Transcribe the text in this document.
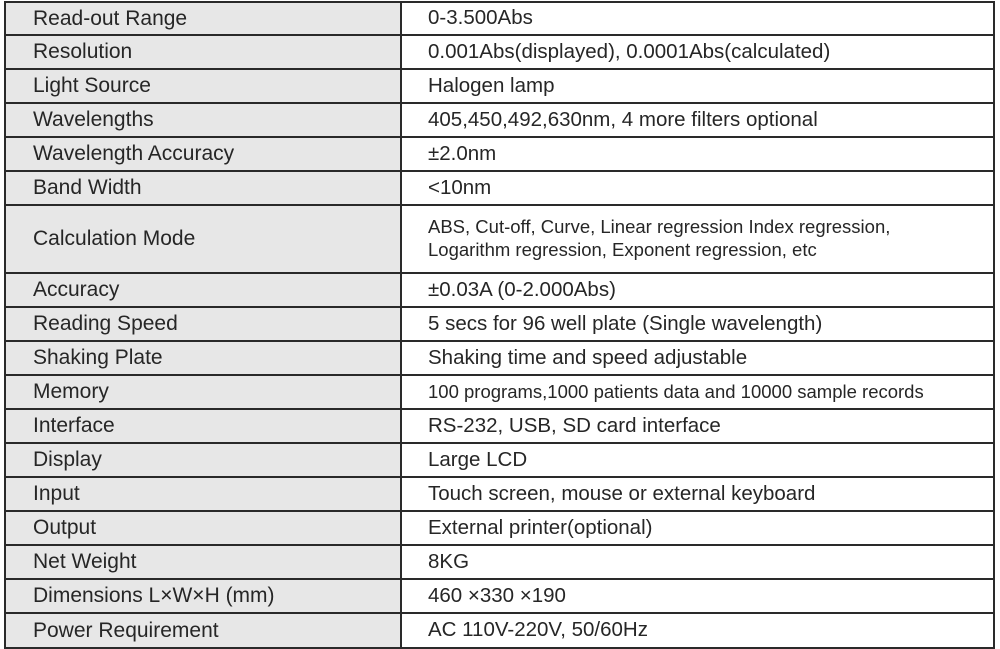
Read-out Range	0-3.500Abs
Resolution	0.001Abs(displayed), 0.0001Abs(calculated)
Light Source	Halogen lamp
Wavelengths	405,450,492,630nm, 4 more filters optional
Wavelength Accuracy	±2.0nm
Band Width	<10nm
Calculation Mode	ABS, Cut-off, Curve, Linear regression Index regression,
Logarithm regression, Exponent regression, etc

Accuracy	±0.03A (0-2.000Abs)
Reading Speed	5 secs for 96 well plate (Single wavelength)
Shaking Plate	Shaking time and speed adjustable
Memory	100 programs,1000 patients data and 10000 sample records
Interface	RS-232, USB, SD card interface
Display	Large LCD
Input	Touch screen, mouse or external keyboard
Output	External printer(optional)
Net Weight	8KG
Dimensions L×W×H (mm)	460 ×330 ×190
Power Requirement	AC 110V-220V, 50/60Hz
